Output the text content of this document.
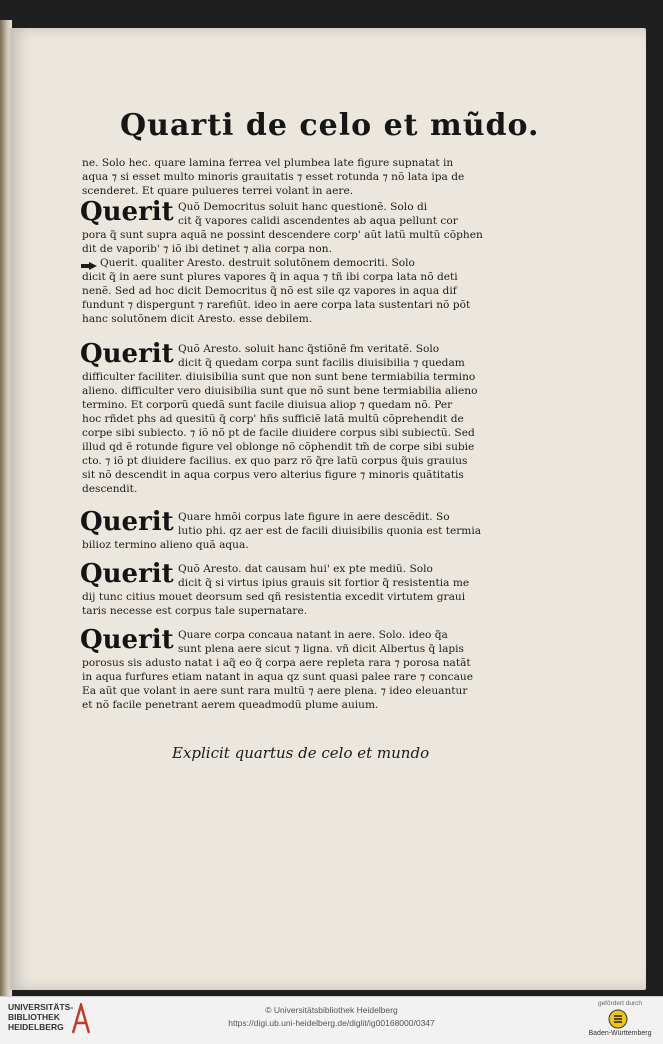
Quarti de celo et mũdo.
ne. Solo hec. quare lamina ferrea vel plumbea late figure supnatat in
aqua ⁊ si esset multo minoris grauitatis ⁊ esset rotunda ⁊ nõ lata ipa de
scenderet. Et quare pulueres terrei volant in aere.
Querit Quõ Democritus soluit hanc questionẽ. Solo di
cit q̃ vapores calidi ascendentes ab aqua pellunt cor
pora q̃ sunt supra aquã ne possint descendere corp' aũt latũ multũ cõphen
dit de vaporib' ⁊ iõ ibi detinet ⁊ alia corpa non.
Querit. qualiter Aresto. destruit solutõnem democriti. Solo
dicit q̃ in aere sunt plures vapores q̃ in aqua ⁊ tñ ibi corpa lata nõ deti
nenẽ. Sed ad hoc dicit Democritus q̃ nõ est sile qz vapores in aqua dif
fundunt ⁊ dispergunt ⁊ rarefiũt. ideo in aere corpa lata sustentari nõ põt
hanc solutõnem dicit Aresto. esse debilem.
Querit Quõ Aresto. soluit hanc q̃stiõnẽ fm veritatẽ. Solo
dicit q̃ quedam corpa sunt facilis diuisibilia ⁊ quedam
difficulter faciliter. diuisibilia sunt que non sunt bene termiabilia termino
alieno. difficulter vero diuisibilia sunt que nõ sunt bene termiabilia alieno
termino. Et corporũ quedã sunt facile diuisua aliop ⁊ quedam nõ. Per
hoc rñdet phs ad quesitũ q̃ corp' hñs sufficiẽ latã multũ cõprehendit de
corpe sibi subiecto. ⁊ iõ nõ pt de facile diuidere corpus sibi subiectũ. Sed
illud qd ẽ rotunde figure vel oblonge nõ cõphendit tm̃ de corpe sibi subie
cto. ⁊ iõ pt diuidere facilius. ex quo parz rõ q̃re latũ corpus q̃uis grauius
sit nõ descendit in aqua corpus vero alterius figure ⁊ minoris quãtitatis
descendit.
Querit Quare hmõi corpus late figure in aere descẽdit. So
lutio phi. qz aer est de facili diuisibilis quonia est termia
bilioz termino alieno quã aqua.
Querit Quõ Aresto. dat causam hui' ex pte mediũ. Solo
dicit q̃ si virtus ipius grauis sit fortior q̃ resistentia me
dij tunc citius mouet deorsum sed qñ resistentia excedit virtutem graui
taris necesse est corpus tale supernatare.
Querit Quare corpa concaua natant in aere. Solo. ideo q̃a
sunt plena aere sicut ⁊ ligna. vñ dicit Albertus q̃ lapis
porosus sis adusto natat i aq̃ eo q̃ corpa aere repleta rara ⁊ porosa natãt
in aqua furfures etiam natant in aqua qz sunt quasi palee rare ⁊ concaue
Ea aũt que volant in aere sunt rara multũ ⁊ aere plena. ⁊ ideo eleuantur
et nõ facile penetrant aerem queadmodũ plume auium.
Explicit quartus de celo et mundo
UNIVERSITÄTS-BIBLIOTHEK HEIDELBERG
© Universitätsbibliothek Heidelberg
https://digi.ub.uni-heidelberg.de/diglit/ig00168000/0347
gefördert durch
Baden-Württemberg
